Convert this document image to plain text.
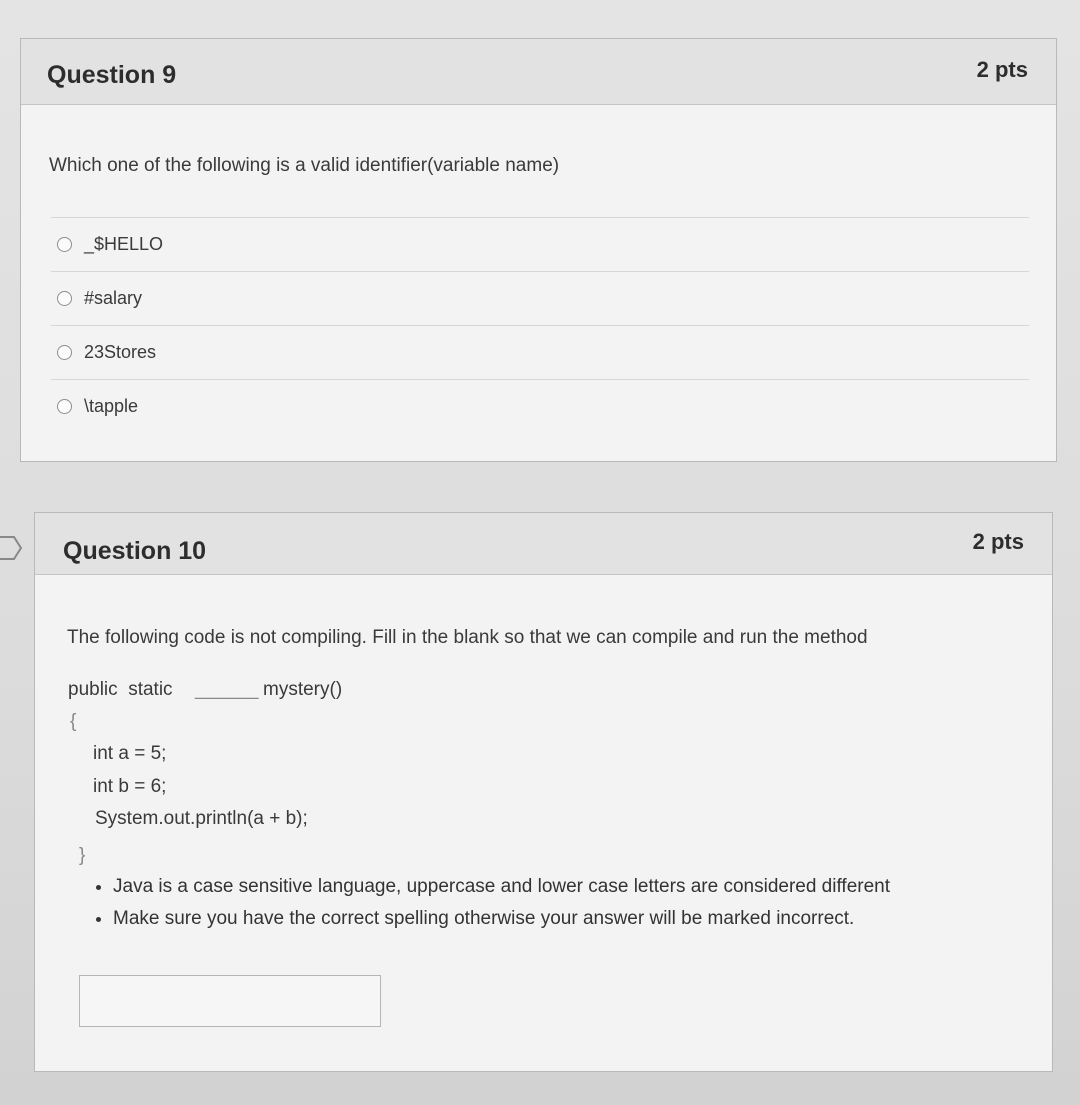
Question 9	2 pts
Which one of the following is a valid identifier(variable name)
_$HELLO
#salary
23Stores
\tapple
Question 10	2 pts
The following code is not compiling. Fill in the blank so that we can compile and run the method
public  static ______ mystery()
{
int a = 5;
int b = 6;
System.out.println(a + b);
}
• Java is a case sensitive language, uppercase and lower case letters are considered different
• Make sure you have the correct spelling otherwise your answer will be marked incorrect.
